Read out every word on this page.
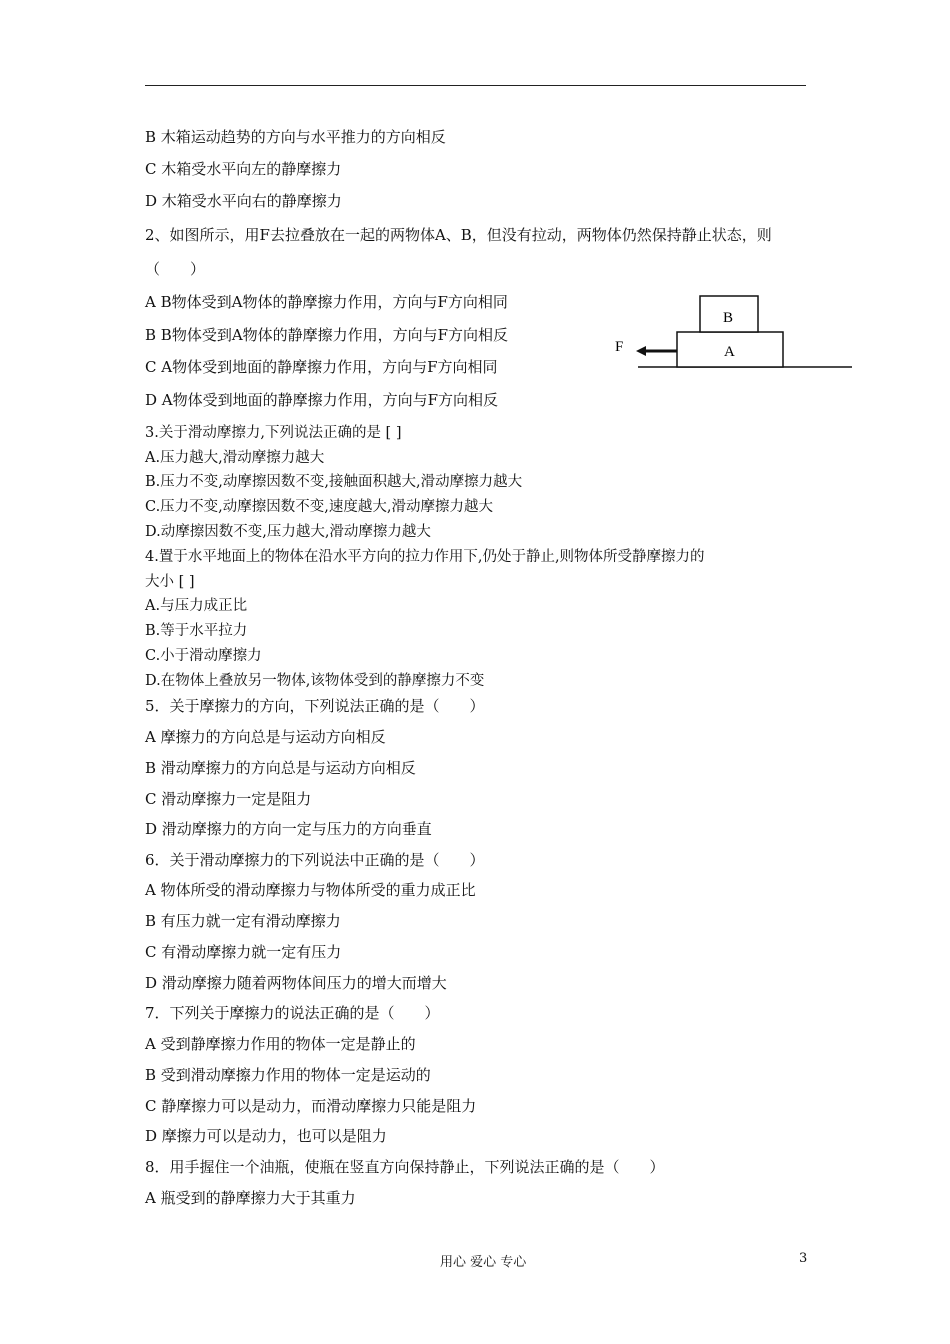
B 木箱运动趋势的方向与水平推力的方向相反
C 木箱受水平向左的静摩擦力
D 木箱受水平向右的静摩擦力
2、如图所示，用F去拉叠放在一起的两物体A、B，但没有拉动，两物体仍然保持静止状态，则
（　　）
A B物体受到A物体的静摩擦力作用，方向与F方向相同
B B物体受到A物体的静摩擦力作用，方向与F方向相反
C A物体受到地面的静摩擦力作用，方向与F方向相同
D A物体受到地面的静摩擦力作用，方向与F方向相反
3.关于滑动摩擦力,下列说法正确的是 [ ]
A.压力越大,滑动摩擦力越大
B.压力不变,动摩擦因数不变,接触面积越大,滑动摩擦力越大
C.压力不变,动摩擦因数不变,速度越大,滑动摩擦力越大
D.动摩擦因数不变,压力越大,滑动摩擦力越大
4.置于水平地面上的物体在沿水平方向的拉力作用下,仍处于静止,则物体所受静摩擦力的
大小 [ ]
A.与压力成正比
B.等于水平拉力
C.小于滑动摩擦力
D.在物体上叠放另一物体,该物体受到的静摩擦力不变
5．关于摩擦力的方向，下列说法正确的是（　　）
A 摩擦力的方向总是与运动方向相反
B 滑动摩擦力的方向总是与运动方向相反
C 滑动摩擦力一定是阻力
D 滑动摩擦力的方向一定与压力的方向垂直
6．关于滑动摩擦力的下列说法中正确的是（　　）
A 物体所受的滑动摩擦力与物体所受的重力成正比
B 有压力就一定有滑动摩擦力
C 有滑动摩擦力就一定有压力
D 滑动摩擦力随着两物体间压力的增大而增大
7．下列关于摩擦力的说法正确的是（　　）
A 受到静摩擦力作用的物体一定是静止的
B 受到滑动摩擦力作用的物体一定是运动的
C 静摩擦力可以是动力，而滑动摩擦力只能是阻力
D 摩擦力可以是动力，也可以是阻力
8．用手握住一个油瓶，使瓶在竖直方向保持静止，下列说法正确的是（　　）
A 瓶受到的静摩擦力大于其重力
B
A
F
用心 爱心 专心	3
